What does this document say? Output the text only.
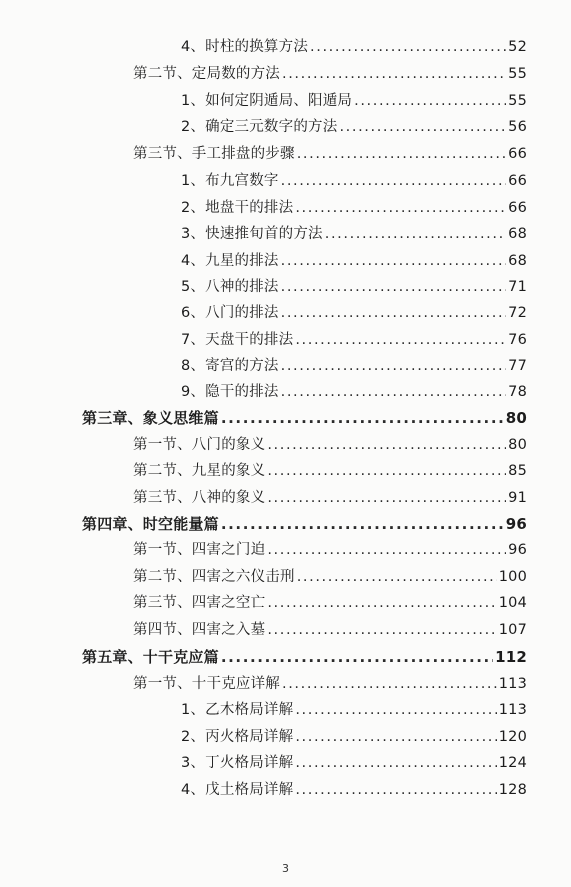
4、时柱的换算方法 .....	52
第二节、定局数的方法 .....	55
1、如何定阴遁局、阳遁局 .....	55
2、确定三元数字的方法 .....	56
第三节、手工排盘的步骤 .....	66
1、布九宫数字 .....	66
2、地盘干的排法 .....	66
3、快速推旬首的方法 .....	68
4、九星的排法 .....	68
5、八神的排法 .....	71
6、八门的排法 .....	72
7、天盘干的排法 .....	76
8、寄宫的方法 .....	77
9、隐干的排法 .....	78
第三章、象义思维篇 .....	80
第一节、八门的象义 .....	80
第二节、九星的象义 .....	85
第三节、八神的象义 .....	91
第四章、时空能量篇 .....	96
第一节、四害之门迫 .....	96
第二节、四害之六仪击刑 .....	100
第三节、四害之空亡 .....	104
第四节、四害之入墓 .....	107
第五章、十干克应篇 .....	112
第一节、十干克应详解 .....	113
1、乙木格局详解 .....	113
2、丙火格局详解 .....	120
3、丁火格局详解 .....	124
4、戊土格局详解 .....	128
3
